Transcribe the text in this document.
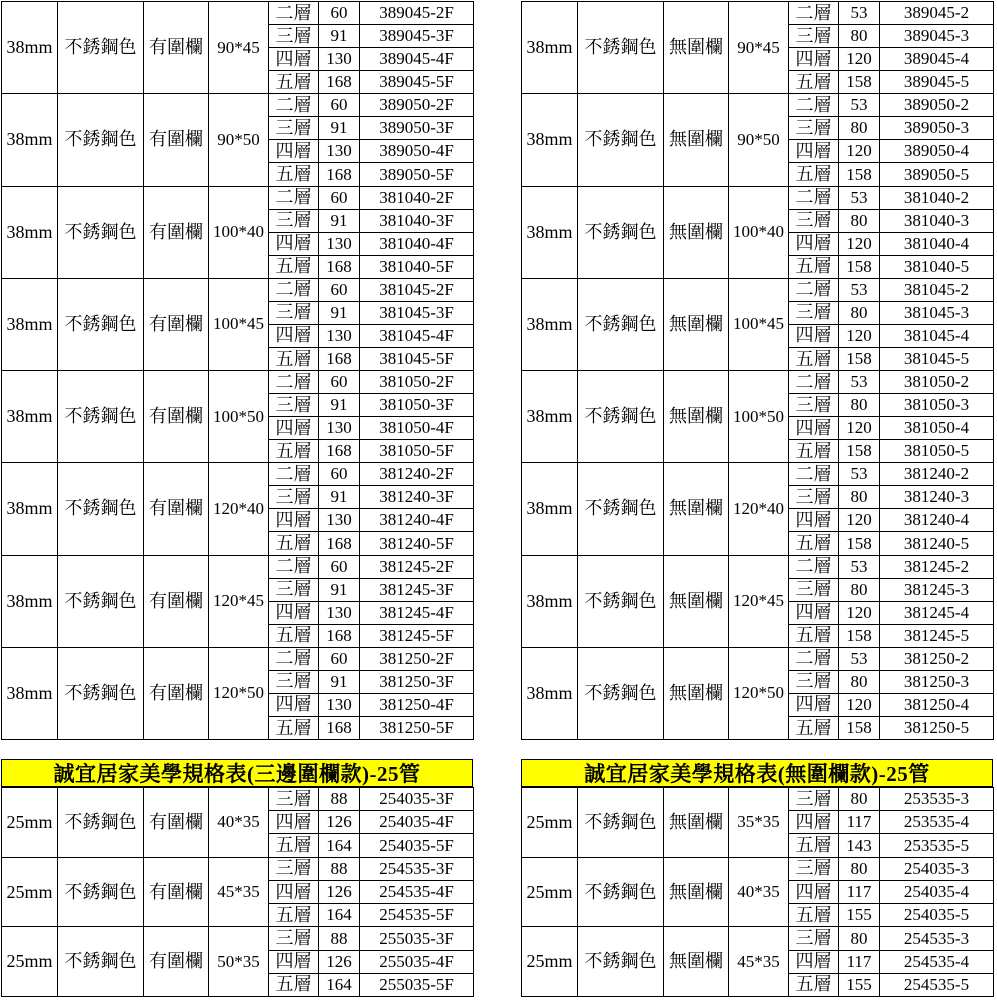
38mm	不銹鋼色	有圍欄	90*45	二層	60	389045-2F
				三層	91	389045-3F
				四層	130	389045-4F
				五層	168	389045-5F
38mm	不銹鋼色	有圍欄	90*50	二層	60	389050-2F
				三層	91	389050-3F
				四層	130	389050-4F
				五層	168	389050-5F
38mm	不銹鋼色	有圍欄	100*40	二層	60	381040-2F
				三層	91	381040-3F
				四層	130	381040-4F
				五層	168	381040-5F
38mm	不銹鋼色	有圍欄	100*45	二層	60	381045-2F
				三層	91	381045-3F
				四層	130	381045-4F
				五層	168	381045-5F
38mm	不銹鋼色	有圍欄	100*50	二層	60	381050-2F
				三層	91	381050-3F
				四層	130	381050-4F
				五層	168	381050-5F
38mm	不銹鋼色	有圍欄	120*40	二層	60	381240-2F
				三層	91	381240-3F
				四層	130	381240-4F
				五層	168	381240-5F
38mm	不銹鋼色	有圍欄	120*45	二層	60	381245-2F
				三層	91	381245-3F
				四層	130	381245-4F
				五層	168	381245-5F
38mm	不銹鋼色	有圍欄	120*50	二層	60	381250-2F
				三層	91	381250-3F
				四層	130	381250-4F
				五層	168	381250-5F
38mm	不銹鋼色	無圍欄	90*45	二層	53	389045-2
				三層	80	389045-3
				四層	120	389045-4
				五層	158	389045-5
38mm	不銹鋼色	無圍欄	90*50	二層	53	389050-2
				三層	80	389050-3
				四層	120	389050-4
				五層	158	389050-5
38mm	不銹鋼色	無圍欄	100*40	二層	53	381040-2
				三層	80	381040-3
				四層	120	381040-4
				五層	158	381040-5
38mm	不銹鋼色	無圍欄	100*45	二層	53	381045-2
				三層	80	381045-3
				四層	120	381045-4
				五層	158	381045-5
38mm	不銹鋼色	無圍欄	100*50	二層	53	381050-2
				三層	80	381050-3
				四層	120	381050-4
				五層	158	381050-5
38mm	不銹鋼色	無圍欄	120*40	二層	53	381240-2
				三層	80	381240-3
				四層	120	381240-4
				五層	158	381240-5
38mm	不銹鋼色	無圍欄	120*45	二層	53	381245-2
				三層	80	381245-3
				四層	120	381245-4
				五層	158	381245-5
38mm	不銹鋼色	無圍欄	120*50	二層	53	381250-2
				三層	80	381250-3
				四層	120	381250-4
				五層	158	381250-5
誠宜居家美學規格表(三邊圍欄款)-25管	誠宜居家美學規格表(無圍欄款)-25管
25mm	不銹鋼色	有圍欄	40*35	三層	88	254035-3F
				四層	126	254035-4F
				五層	164	254035-5F
25mm	不銹鋼色	有圍欄	45*35	三層	88	254535-3F
				四層	126	254535-4F
				五層	164	254535-5F
25mm	不銹鋼色	有圍欄	50*35	三層	88	255035-3F
				四層	126	255035-4F
				五層	164	255035-5F
25mm	不銹鋼色	無圍欄	35*35	三層	80	253535-3
				四層	117	253535-4
				五層	143	253535-5
25mm	不銹鋼色	無圍欄	40*35	三層	80	254035-3
				四層	117	254035-4
				五層	155	254035-5
25mm	不銹鋼色	無圍欄	45*35	三層	80	254535-3
				四層	117	254535-4
				五層	155	254535-5
